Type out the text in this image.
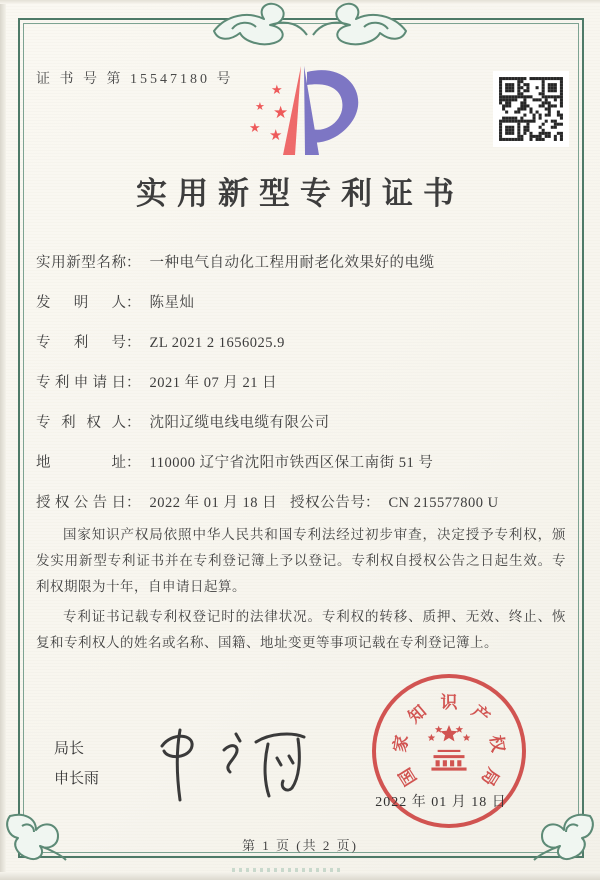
证 书 号 第 15547180 号
★
★ ★
★ ★
实用新型专利证书
实用新型名称 ： 一种电气自动化工程用耐老化效果好的电缆
发明人 ： 陈星灿
专利号 ： ZL 2021 2 1656025.9
专利申请日 ： 2021 年 07 月 21 日
专利权人 ： 沈阳辽缆电线电缆有限公司
地址 ： 110000 辽宁省沈阳市铁西区保工南街 51 号
授权公告日 ： 2022 年 01 月 18 日 授权公告号 ： CN 215577800 U

国家知识产权局依照中华人民共和国专利法经过初步审查，决定授予专利权，颁发实用新型专利证书并在专利登记簿上予以登记。专利权自授权公告之日起生效。专利权期限为十年，自申请日起算。

专利证书记载专利权登记时的法律状况。专利权的转移、质押、无效、终止、恢复和专利权人的姓名或名称、国籍、地址变更等事项记载在专利登记簿上。

局长
申长雨	国
家
知 识 产
权
局
2022 年 01 月 18 日
第 1 页 (共 2 页)
